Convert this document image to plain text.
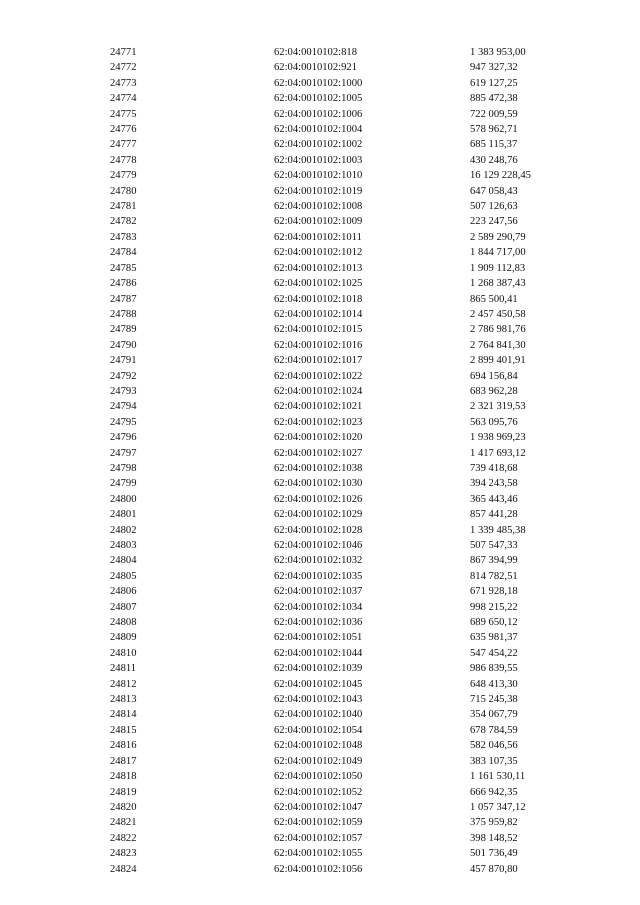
	24771	62:04:0010102:818	1 383 953,00
	24772	62:04:0010102:921	947 327,32
	24773	62:04:0010102:1000	619 127,25
	24774	62:04:0010102:1005	885 472,38
	24775	62:04:0010102:1006	722 009,59
	24776	62:04:0010102:1004	578 962,71
	24777	62:04:0010102:1002	685 115,37
	24778	62:04:0010102:1003	430 248,76
	24779	62:04:0010102:1010	16 129 228,45
	24780	62:04:0010102:1019	647 058,43
	24781	62:04:0010102:1008	507 126,63
	24782	62:04:0010102:1009	223 247,56
	24783	62:04:0010102:1011	2 589 290,79
	24784	62:04:0010102:1012	1 844 717,00
	24785	62:04:0010102:1013	1 909 112,83
	24786	62:04:0010102:1025	1 268 387,43
	24787	62:04:0010102:1018	865 500,41
	24788	62:04:0010102:1014	2 457 450,58
	24789	62:04:0010102:1015	2 786 981,76
	24790	62:04:0010102:1016	2 764 841,30
	24791	62:04:0010102:1017	2 899 401,91
	24792	62:04:0010102:1022	694 156,84
	24793	62:04:0010102:1024	683 962,28
	24794	62:04:0010102:1021	2 321 319,53
	24795	62:04:0010102:1023	563 095,76
	24796	62:04:0010102:1020	1 938 969,23
	24797	62:04:0010102:1027	1 417 693,12
	24798	62:04:0010102:1038	739 418,68
	24799	62:04:0010102:1030	394 243,58
	24800	62:04:0010102:1026	365 443,46
	24801	62:04:0010102:1029	857 441,28
	24802	62:04:0010102:1028	1 339 485,38
	24803	62:04:0010102:1046	507 547,33
	24804	62:04:0010102:1032	867 394,99
	24805	62:04:0010102:1035	814 782,51
	24806	62:04:0010102:1037	671 928,18
	24807	62:04:0010102:1034	998 215,22
	24808	62:04:0010102:1036	689 650,12
	24809	62:04:0010102:1051	635 981,37
	24810	62:04:0010102:1044	547 454,22
	24811	62:04:0010102:1039	986 839,55
	24812	62:04:0010102:1045	648 413,30
	24813	62:04:0010102:1043	715 245,38
	24814	62:04:0010102:1040	354 067,79
	24815	62:04:0010102:1054	678 784,59
	24816	62:04:0010102:1048	582 046,56
	24817	62:04:0010102:1049	383 107,35
	24818	62:04:0010102:1050	1 161 530,11
	24819	62:04:0010102:1052	666 942,35
	24820	62:04:0010102:1047	1 057 347,12
	24821	62:04:0010102:1059	375 959,82
	24822	62:04:0010102:1057	398 148,52
	24823	62:04:0010102:1055	501 736,49
	24824	62:04:0010102:1056	457 870,80
